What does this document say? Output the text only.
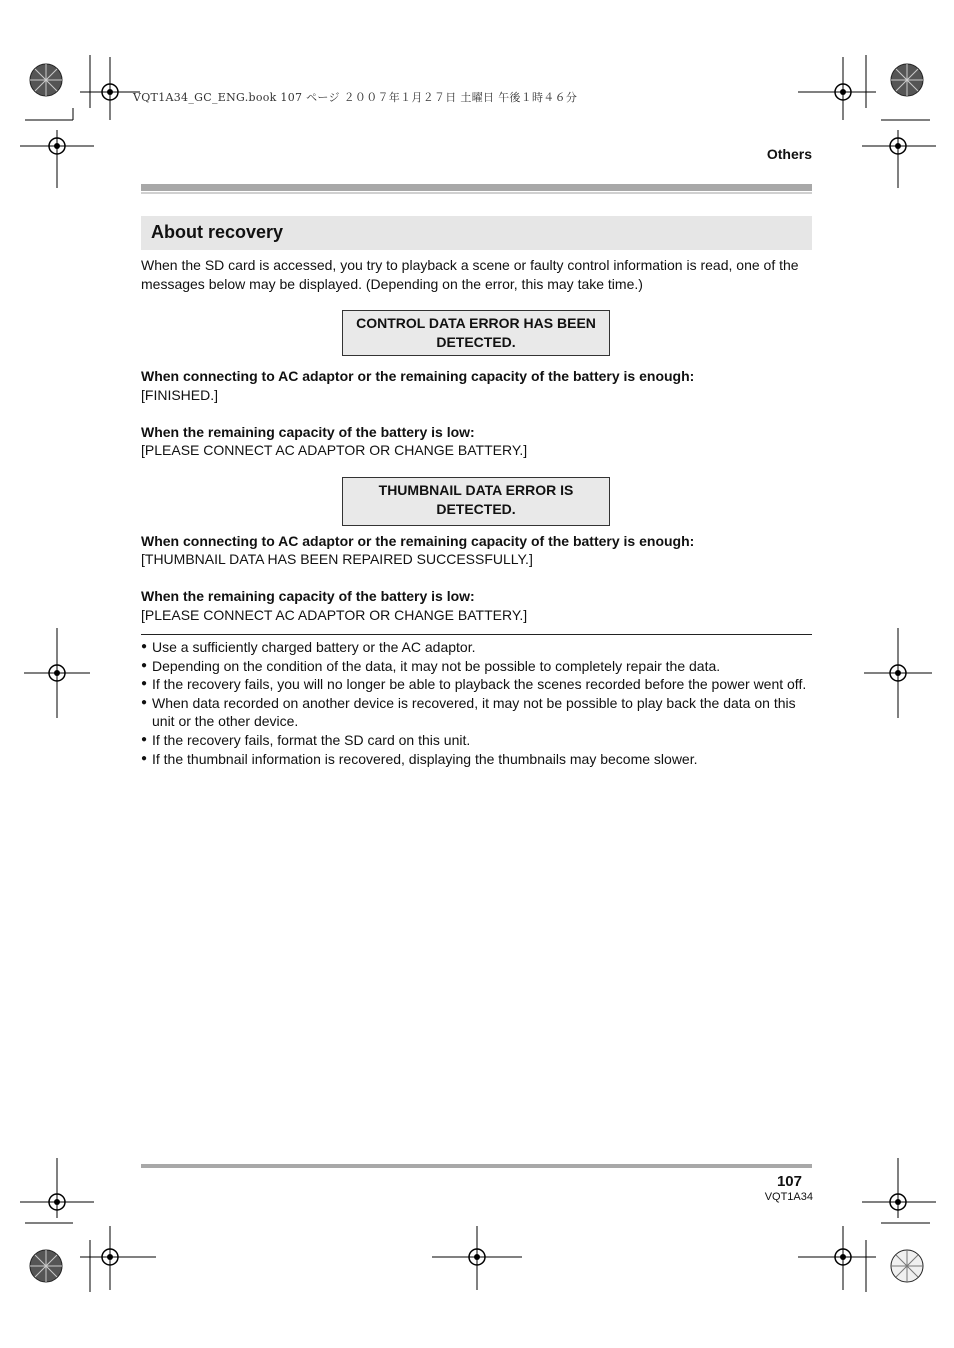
VQT1A34_GC_ENG.book 107 ページ ２００７年１月２７日 土曜日 午後１時４６分
Others
About recovery
When the SD card is accessed, you try to playback a scene or faulty control information is read, one of the messages below may be displayed. (Depending on the error, this may take time.)
CONTROL DATA ERROR HAS BEEN DETECTED.
When connecting to AC adaptor or the remaining capacity of the battery is enough:
[FINISHED.]
When the remaining capacity of the battery is low:
[PLEASE CONNECT AC ADAPTOR OR CHANGE BATTERY.]
THUMBNAIL DATA ERROR IS DETECTED.
When connecting to AC adaptor or the remaining capacity of the battery is enough:
[THUMBNAIL DATA HAS BEEN REPAIRED SUCCESSFULLY.]
When the remaining capacity of the battery is low:
[PLEASE CONNECT AC ADAPTOR OR CHANGE BATTERY.]
● Use a sufficiently charged battery or the AC adaptor.
● Depending on the condition of the data, it may not be possible to completely repair the data.
● If the recovery fails, you will no longer be able to playback the scenes recorded before the power went off.
● When data recorded on another device is recovered, it may not be possible to play back the data on this unit or the other device.
● If the recovery fails, format the SD card on this unit.
● If the thumbnail information is recovered, displaying the thumbnails may become slower.
107
VQT1A34
